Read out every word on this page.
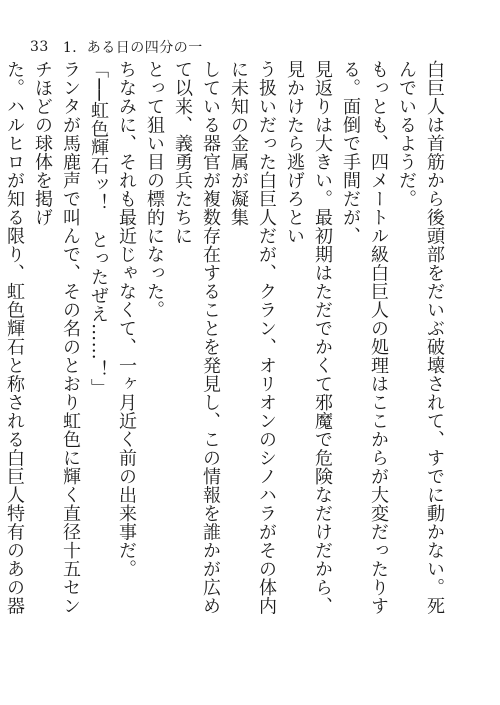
33 1．ある日の四分の一

白巨人は首筋から後頭部をだいぶ破壊されて、すでに動かない。死んでいるようだ。

もっとも、四メートル級白巨人の処理はここからが大変だったりする。面倒で手間だが、

見返りは大きい。最初期はただでかくて邪魔で危険なだけだから、見かけたら逃げろとい

う扱いだった白巨人だが、クラン、オリオンのシノハラがその体内に未知の金属が凝集

している器官が複数存在することを発見し、この情報を誰かが広めて以来、義勇兵たちに

とって狙い目の標的になった。

ちなみに、それも最近じゃなくて、一ヶ月近く前の出来事だ。

「──虹色輝石ッ！　とったぜえ……！」

ランタが馬鹿声で叫んで、その名のとおり虹色に輝く直径十五センチほどの球体を掲げ

た。ハルヒロが知る限り、虹色輝石と称される白巨人特有のあの器
